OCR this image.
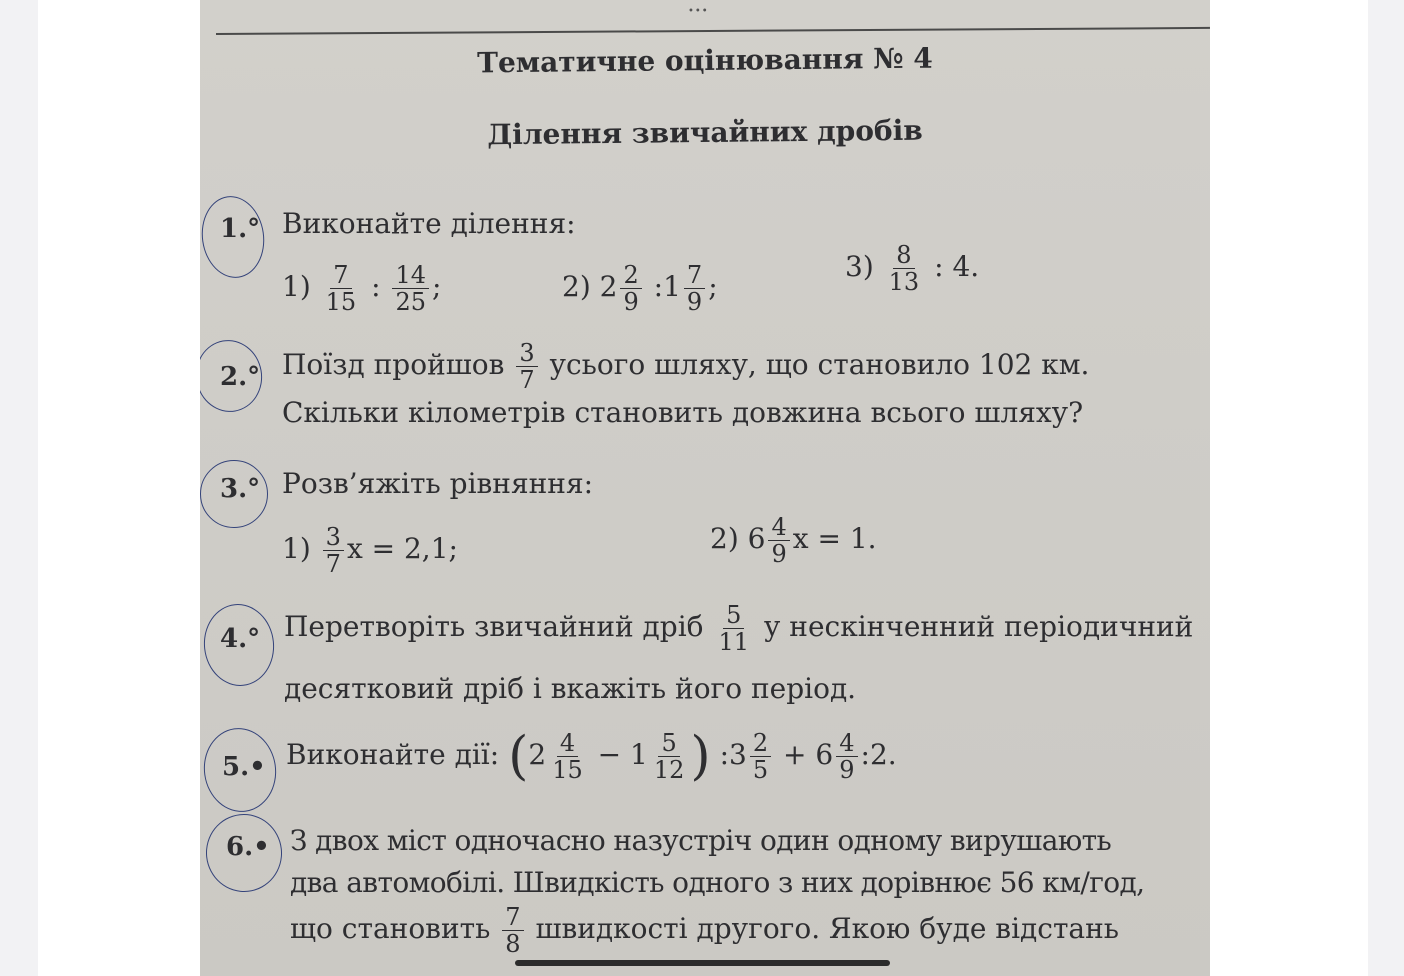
•••
Тематичне оцінювання № 4
Ділення звичайних дробів
1.° Виконайте ділення:
$1) \frac{7}{15}$ : $\frac{14}{25}$ ;	2) $2 \frac{2}{9}$ :1 $\frac{7}{9}$ ;
$3) \frac{8}{13}$ : 4.
2.° Поїзд пройшов $\frac{3}{7}$ усього шляху, що становило 102 км.
Скільки кілометрів становить довжина всього шляху?
3.° Розв’яжіть рівняння:
$1) \frac{3}{7}$ x = 2,1;	2) $6 \frac{4}{9}$ x = 1.
4.° Перетворіть звичайний дріб $\frac{5}{11}$ у нескінченний періодичний
десятковий дріб і вкажіть його період.
5.• Виконайте дії: ($2 \frac{4}{15} - 1 \frac{5}{12}$ ) :3 $\frac{2}{5} + 6 \frac{4}{9}$ :2.
6.• З двох міст одночасно назустріч один одному вирушають
два автомобілі. Швидкість одного з них дорівнює 56 км/год,
що становить $\frac{7}{8}$ швидкості другого. Якою буде відстань
